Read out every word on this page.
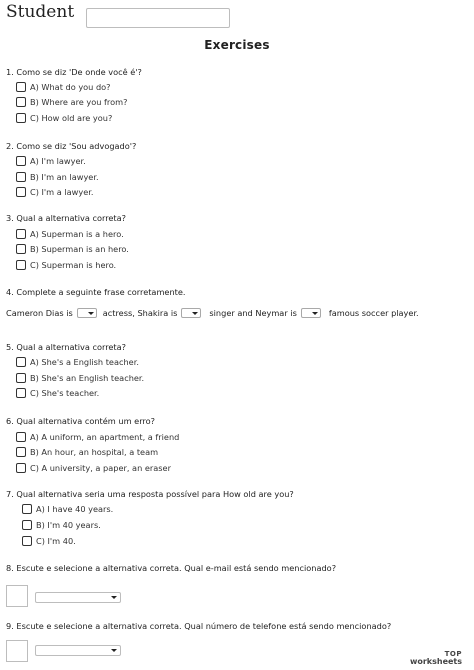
Student
Exercises
1. Como se diz 'De onde você é'?
A) What do you do?
B) Where are you from?
C) How old are you?
2. Como se diz 'Sou advogado'?
A) I'm lawyer.
B) I'm an lawyer.
C) I'm a lawyer.
3. Qual a alternativa correta?
A) Superman is a hero.
B) Superman is an hero.
C) Superman is hero.
4. Complete a seguinte frase corretamente.
Cameron Dias is	actress, Shakira is	singer and Neymar is	famous soccer player.
5. Qual a alternativa correta?
A) She's a English teacher.
B) She's an English teacher.
C) She's teacher.
6. Qual alternativa contém um erro?
A) A uniform, an apartment, a friend
B) An hour, an hospital, a team
C) A university, a paper, an eraser
7. Qual alternativa seria uma resposta possível para How old are you?
A) I have 40 years.
B) I'm 40 years.
C) I'm 40.
8. Escute e selecione a alternativa correta. Qual e-mail está sendo mencionado?
9. Escute e selecione a alternativa correta. Qual número de telefone está sendo mencionado?
TOP
worksheets
